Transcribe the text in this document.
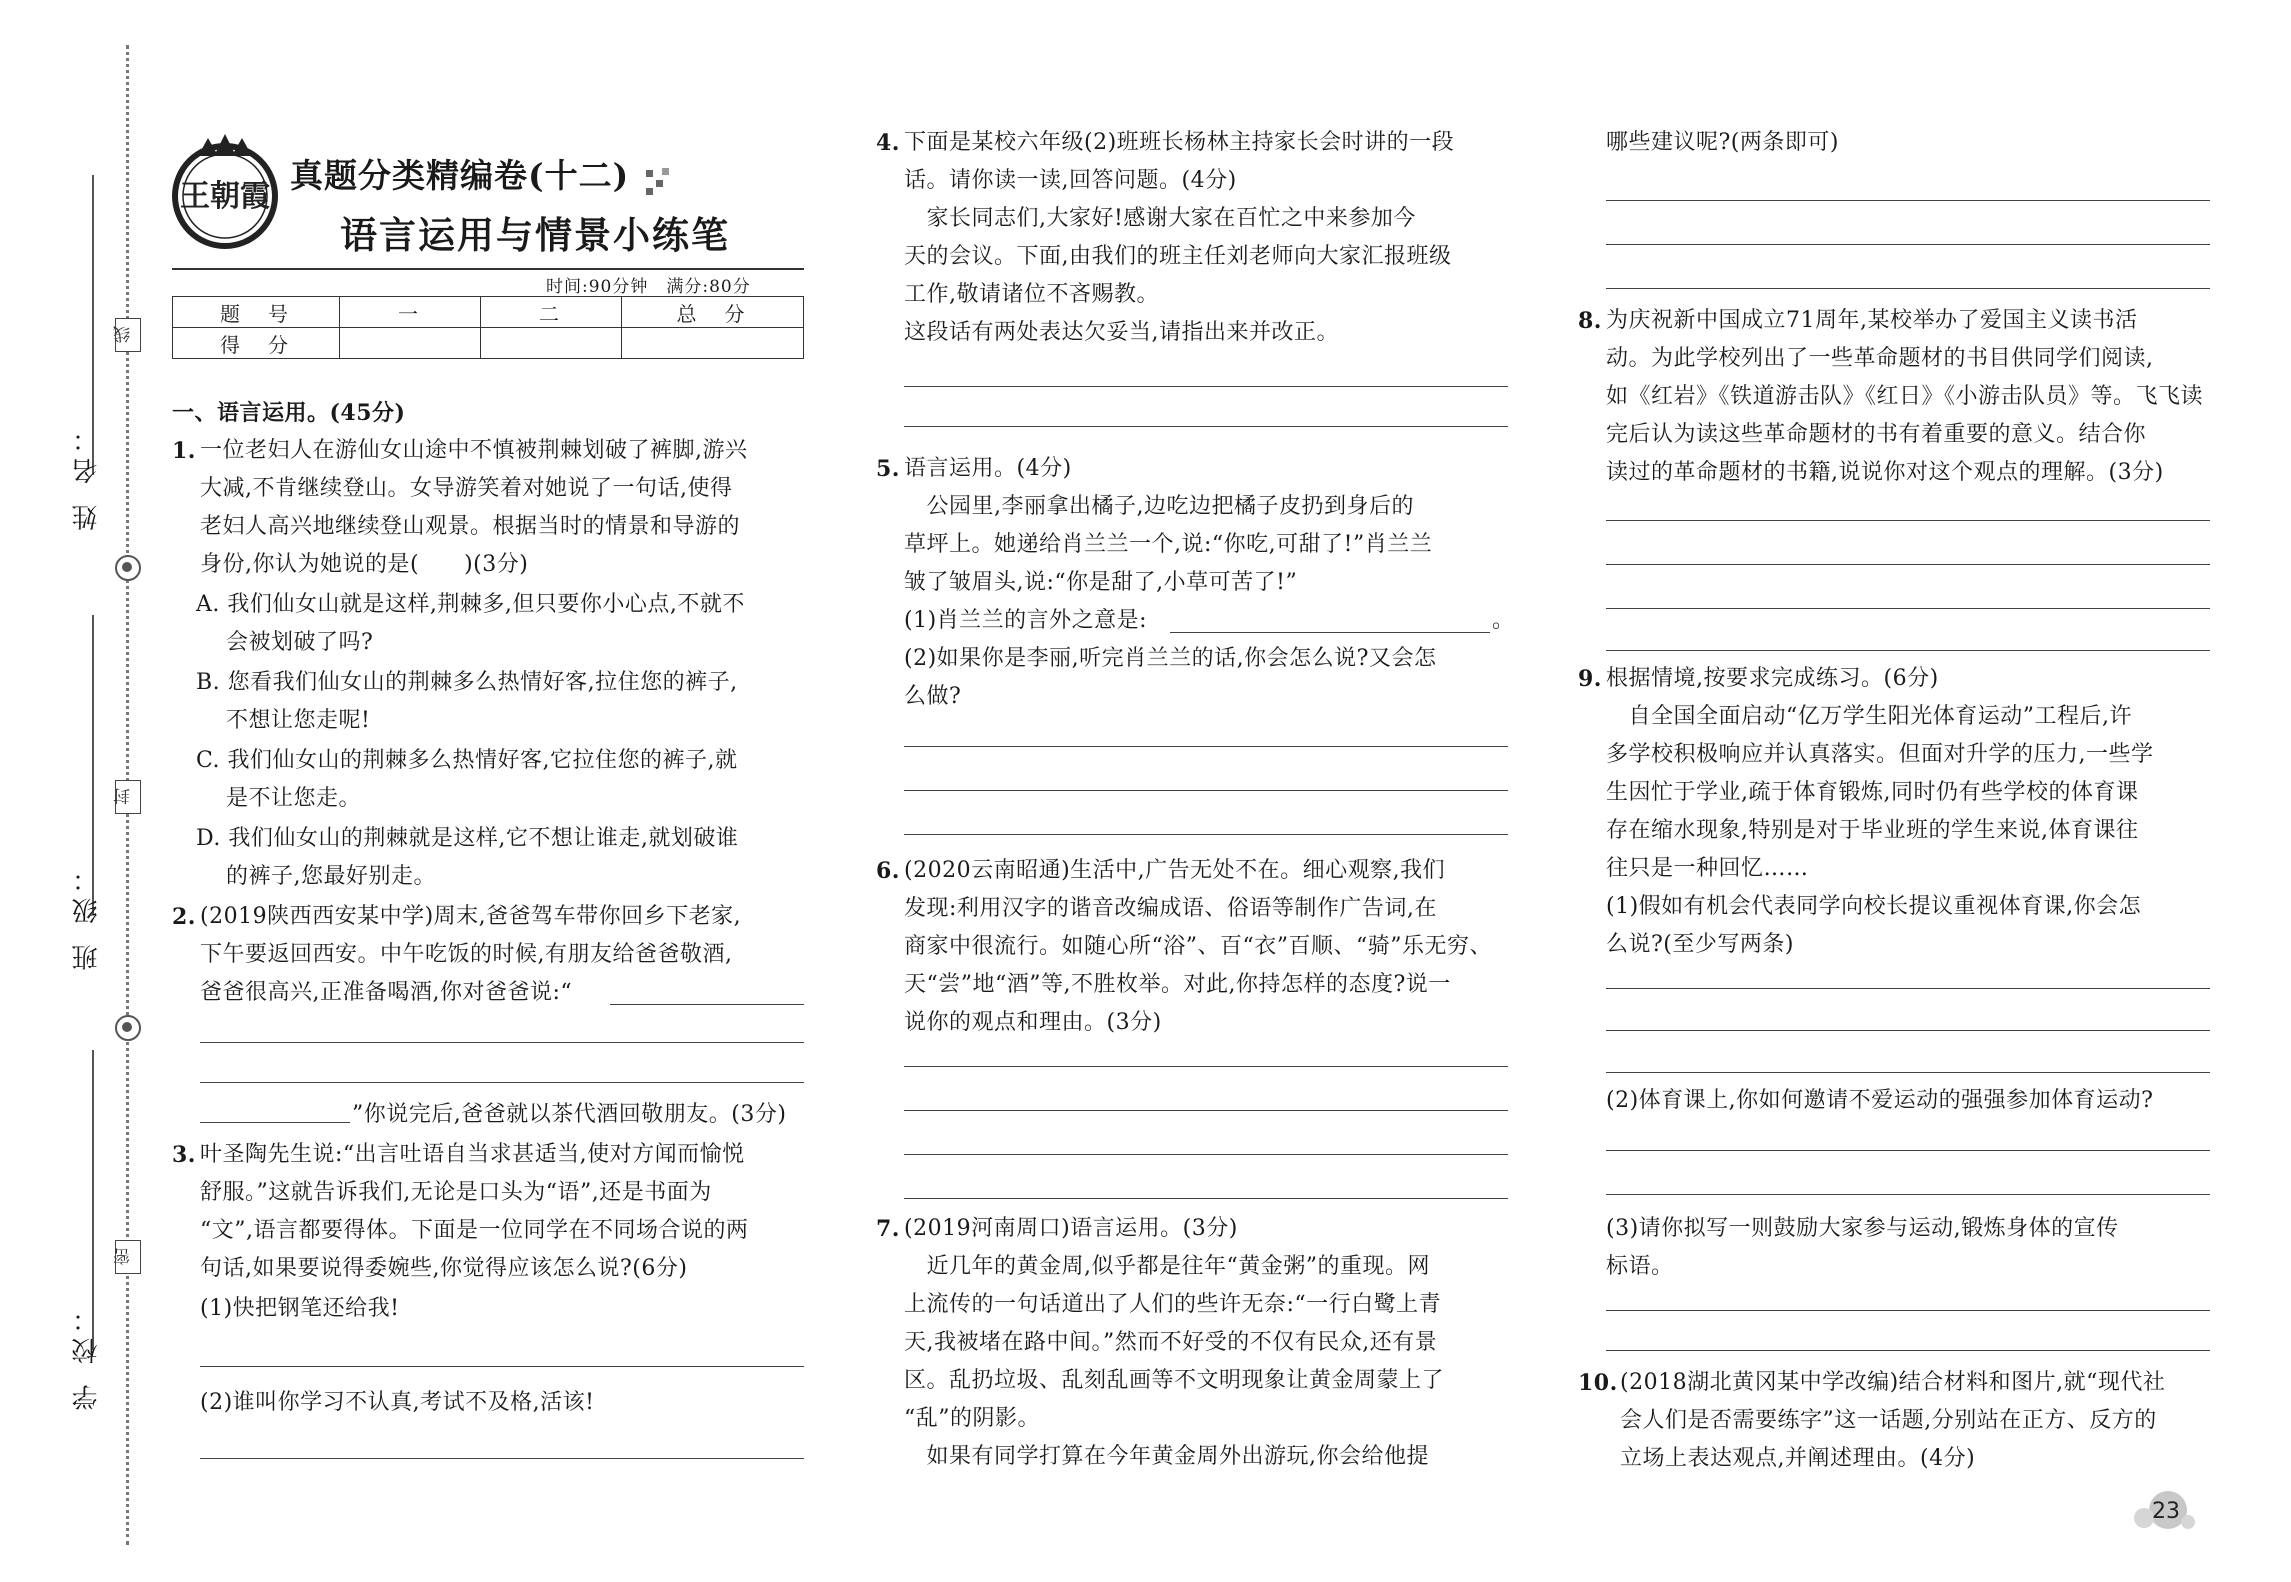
姓 名：
班 级：
学 校：
线
封
密
王朝霞
真题分类精编卷(十二)
语言运用与情景小练笔
时间:90分钟　满分:80分
题　号	一	二	总　分
得　分			
一、语言运用。(45分)
1. 一位老妇人在游仙女山途中不慎被荆棘划破了裤脚,游兴
大减,不肯继续登山。女导游笑着对她说了一句话,使得
老妇人高兴地继续登山观景。根据当时的情景和导游的
身份,你认为她说的是(　　)(3分)
A. 我们仙女山就是这样,荆棘多,但只要你小心点,不就不
会被划破了吗?
B. 您看我们仙女山的荆棘多么热情好客,拉住您的裤子,
不想让您走呢!
C. 我们仙女山的荆棘多么热情好客,它拉住您的裤子,就
是不让您走。
D. 我们仙女山的荆棘就是这样,它不想让谁走,就划破谁
的裤子,您最好别走。
2. (2019陕西西安某中学)周末,爸爸驾车带你回乡下老家,
下午要返回西安。中午吃饭的时候,有朋友给爸爸敬酒,
爸爸很高兴,正准备喝酒,你对爸爸说:“
”你说完后,爸爸就以茶代酒回敬朋友。(3分)
3. 叶圣陶先生说:“出言吐语自当求甚适当,使对方闻而愉悦
舒服。”这就告诉我们,无论是口头为“语”,还是书面为
“文”,语言都要得体。下面是一位同学在不同场合说的两
句话,如果要说得委婉些,你觉得应该怎么说?(6分)
(1)快把钢笔还给我!
(2)谁叫你学习不认真,考试不及格,活该!
4. 下面是某校六年级(2)班班长杨林主持家长会时讲的一段
话。请你读一读,回答问题。(4分)
　家长同志们,大家好!感谢大家在百忙之中来参加今
天的会议。下面,由我们的班主任刘老师向大家汇报班级
工作,敬请诸位不吝赐教。
这段话有两处表达欠妥当,请指出来并改正。
5. 语言运用。(4分)
　公园里,李丽拿出橘子,边吃边把橘子皮扔到身后的
草坪上。她递给肖兰兰一个,说:“你吃,可甜了!”肖兰兰
皱了皱眉头,说:“你是甜了,小草可苦了!”
(1)肖兰兰的言外之意是:	。
(2)如果你是李丽,听完肖兰兰的话,你会怎么说?又会怎
么做?
6. (2020云南昭通)生活中,广告无处不在。细心观察,我们
发现:利用汉字的谐音改编成语、俗语等制作广告词,在
商家中很流行。如随心所“浴”、百“衣”百顺、“骑”乐无穷、
天“尝”地“酒”等,不胜枚举。对此,你持怎样的态度?说一
说你的观点和理由。(3分)
7. (2019河南周口)语言运用。(3分)
　近几年的黄金周,似乎都是往年“黄金粥”的重现。网
上流传的一句话道出了人们的些许无奈:“一行白鹭上青
天,我被堵在路中间。”然而不好受的不仅有民众,还有景
区。乱扔垃圾、乱刻乱画等不文明现象让黄金周蒙上了
“乱”的阴影。
　如果有同学打算在今年黄金周外出游玩,你会给他提
哪些建议呢?(两条即可)
8. 为庆祝新中国成立71周年,某校举办了爱国主义读书活
动。为此学校列出了一些革命题材的书目供同学们阅读,
如《红岩》《铁道游击队》《红日》《小游击队员》等。飞飞读
完后认为读这些革命题材的书有着重要的意义。结合你
读过的革命题材的书籍,说说你对这个观点的理解。(3分)
9. 根据情境,按要求完成练习。(6分)
　自全国全面启动“亿万学生阳光体育运动”工程后,许
多学校积极响应并认真落实。但面对升学的压力,一些学
生因忙于学业,疏于体育锻炼,同时仍有些学校的体育课
存在缩水现象,特别是对于毕业班的学生来说,体育课往
往只是一种回忆……
(1)假如有机会代表同学向校长提议重视体育课,你会怎
么说?(至少写两条)
(2)体育课上,你如何邀请不爱运动的强强参加体育运动?
(3)请你拟写一则鼓励大家参与运动,锻炼身体的宣传
标语。
10. (2018湖北黄冈某中学改编)结合材料和图片,就“现代社
会人们是否需要练字”这一话题,分别站在正方、反方的
立场上表达观点,并阐述理由。(4分)
23
